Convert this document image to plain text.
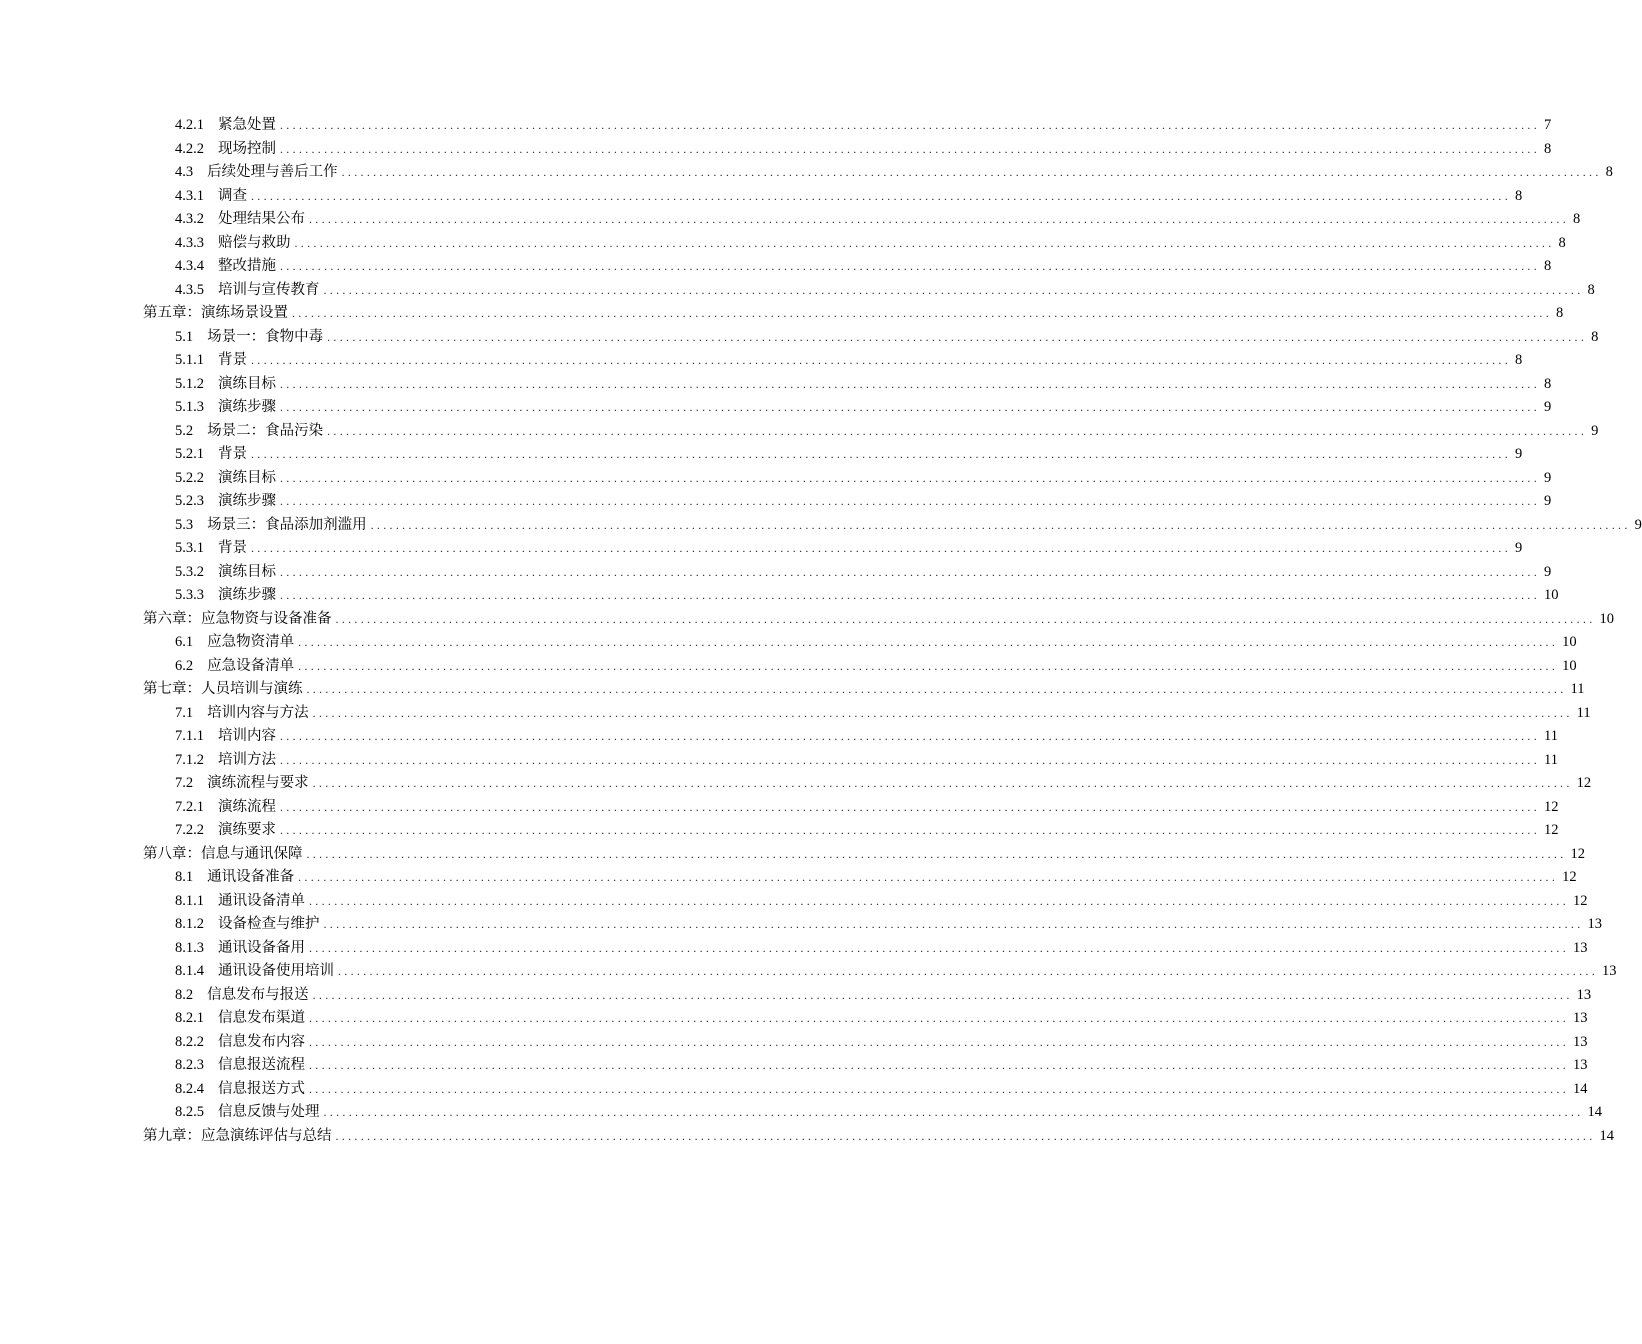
4.2.1 紧急处置 ........................................................................................................................................................................................................ 7
4.2.2 现场控制 ........................................................................................................................................................................................................ 8
4.3 后续处理与善后工作 ........................................................................................................................................................................................................ 8
4.3.1 调查 ........................................................................................................................................................................................................ 8
4.3.2 处理结果公布 ........................................................................................................................................................................................................ 8
4.3.3 赔偿与救助 ........................................................................................................................................................................................................ 8
4.3.4 整改措施 ........................................................................................................................................................................................................ 8
4.3.5 培训与宣传教育 ........................................................................................................................................................................................................ 8
第五章：演练场景设置 ........................................................................................................................................................................................................ 8
5.1 场景一：食物中毒 ........................................................................................................................................................................................................ 8
5.1.1 背景 ........................................................................................................................................................................................................ 8
5.1.2 演练目标 ........................................................................................................................................................................................................ 8
5.1.3 演练步骤 ........................................................................................................................................................................................................ 9
5.2 场景二：食品污染 ........................................................................................................................................................................................................ 9
5.2.1 背景 ........................................................................................................................................................................................................ 9
5.2.2 演练目标 ........................................................................................................................................................................................................ 9
5.2.3 演练步骤 ........................................................................................................................................................................................................ 9
5.3 场景三：食品添加剂滥用 ........................................................................................................................................................................................................ 9
5.3.1 背景 ........................................................................................................................................................................................................ 9
5.3.2 演练目标 ........................................................................................................................................................................................................ 9
5.3.3 演练步骤 ........................................................................................................................................................................................................ 10
第六章：应急物资与设备准备 ........................................................................................................................................................................................................ 10
6.1 应急物资清单 ........................................................................................................................................................................................................ 10
6.2 应急设备清单 ........................................................................................................................................................................................................ 10
第七章：人员培训与演练 ........................................................................................................................................................................................................ 11
7.1 培训内容与方法 ........................................................................................................................................................................................................ 11
7.1.1 培训内容 ........................................................................................................................................................................................................ 11
7.1.2 培训方法 ........................................................................................................................................................................................................ 11
7.2 演练流程与要求 ........................................................................................................................................................................................................ 12
7.2.1 演练流程 ........................................................................................................................................................................................................ 12
7.2.2 演练要求 ........................................................................................................................................................................................................ 12
第八章：信息与通讯保障 ........................................................................................................................................................................................................ 12
8.1 通讯设备准备 ........................................................................................................................................................................................................ 12
8.1.1 通讯设备清单 ........................................................................................................................................................................................................ 12
8.1.2 设备检查与维护 ........................................................................................................................................................................................................ 13
8.1.3 通讯设备备用 ........................................................................................................................................................................................................ 13
8.1.4 通讯设备使用培训 ........................................................................................................................................................................................................ 13
8.2 信息发布与报送 ........................................................................................................................................................................................................ 13
8.2.1 信息发布渠道 ........................................................................................................................................................................................................ 13
8.2.2 信息发布内容 ........................................................................................................................................................................................................ 13
8.2.3 信息报送流程 ........................................................................................................................................................................................................ 13
8.2.4 信息报送方式 ........................................................................................................................................................................................................ 14
8.2.5 信息反馈与处理 ........................................................................................................................................................................................................ 14
第九章：应急演练评估与总结 ........................................................................................................................................................................................................ 14
